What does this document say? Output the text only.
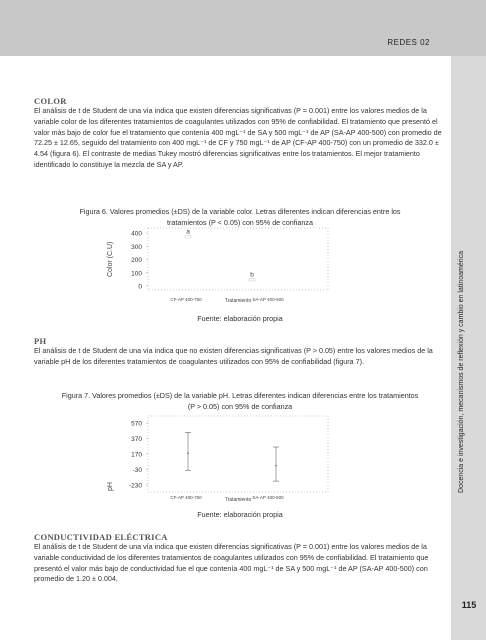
REDES 02
COLOR
El análisis de t de Student de una vía indica que existen diferencias significativas (P = 0.001) entre los valores medios de la variable color de los diferentes tratamientos de coagulantes utilizados con 95% de confiabilidad. El tratamiento que presentó el valor más bajo de color fue el tratamiento que contenía 400 mgL⁻¹ de SA y 500 mgL⁻¹ de AP (SA-AP 400-500) con promedio de 72.25 ± 12.65, seguido del tratamiento con 400 mgL⁻¹ de CF y 750 mgL⁻¹ de AP (CF-AP 400-750) con un promedio de 332.0 ± 4.54 (figura 6). El contraste de medias Tukey mostró diferencias significativas entre los tratamientos. El mejor tratamiento identificado lo constituye la mezcla de SA y AP.
Figura 6. Valores promedios (±DS) de la variable color. Letras diferentes indican diferencias entre los tratamientos (P < 0.05) con 95% de confianza
400
300
200
100
0
a
b
CF-AP 400-750	SA-AP 400-500
Color (C.U)
Tratamiento
Fuente: elaboración propia
PH
El análisis de t de Student de una vía indica que no existen diferencias significativas (P > 0.05) entre los valores medios de la variable pH de los diferentes tratamientos de coagulantes utilizados con 95% de confiabilidad (figura 7).
Figura 7. Valores promedios (±DS) de la variable pH. Letras diferentes indican diferencias entre los tratamientos (P > 0.05) con 95% de confianza
570
370
170
-30
-230
CF-AP 400-750	SA-AP 400-500
pH
Tratamiento
Fuente: elaboración propia
CONDUCTIVIDAD ELÉCTRICA
El análisis de t de Student de una vía indica que existen diferencias significativas (P = 0.001) entre los valores medios de la variable conductividad de los diferentes tratamientos de coagulantes utilizados con 95% de confiabilidad. El tratamiento que presentó el valor más bajo de conductividad fue el que contenía 400 mgL⁻¹ de SA y 500 mgL⁻¹ de AP (SA-AP 400-500) con promedio de 1.20 ± 0.004,
115
